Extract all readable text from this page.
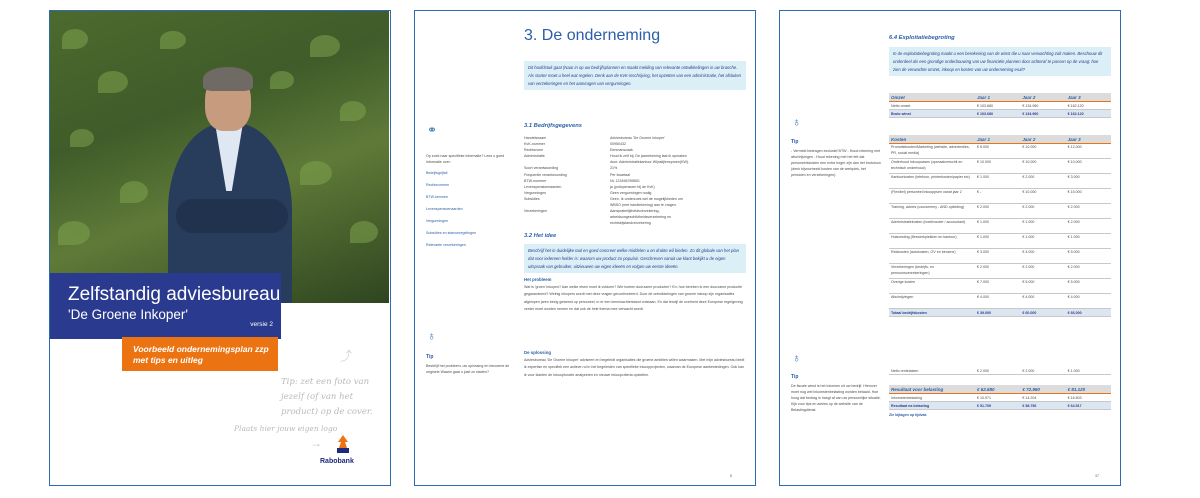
Zelfstandig adviesbureau
'De Groene Inkoper'
versie 2
Voorbeeld ondernemingsplan zzp met tips en uitleg
Tip: zet een foto van jezelf (of van het product) op de cover.
⤴
Plaats hier jouw eigen logo
→
Rabobank
⚭
Op zoek naar specifieke informatie? Lees u goed informatie over:
Bedrijfsgrijfall
Rechtsvormen
BTW-kenmen
Levenspensoenaarden
Vergunningen
Subsidies en stamonregelingen
Relevante verzekeringen
♁
Tip
Bestelijf het probleem, uw oplossing en benoeme de originele Waarin gaat u juist zo starten?
3. De onderneming
Dit hoofdstuk gaat (Naar in op uw bedrijfsplannen en maakt melding van relevante ontwikkelingen in uw branche. Als starter moet u heel wat regelen. Denk aan de KvK-inschrijving, het opzetten van een administratie, het afsluiten van verzekeringen en het aanvragen van vergunningen.
3.1 Bedrijfsgegevens
Handelsnaam	Adviesbureau 'De Groene Inkoper'
KvK-nummer	00950432
Rechtsvorm	Eenmanszaak
Administratie	Houd ik zelf bij. De jaarrekening laat ik opmaken
door: Administratiekantoor Wijnstijlensproen(KW).
Soort verantwoording	21%
Frequentie verantwoording	Per kwartaal
BTW-nummer	NL 123456789B01
Levenspensioenaarden	ja (pollopensoen bij de KvK)
Vergunningen	Geen vergunningen nodig
Subsidies	Geen. Ik onderzoek wel de mogelijkheden om
WBSO (met handtekening) aan te vragen.
Verzekeringen	Aansprakelijkheidsverzekering,
arbeidsongeschiktheidsverzekering en
rechtsbijstandverzekering
3.2 Het idee
Beschrijf het in duidelijke taal en goed concreet welke middelen u en drukte wil bieden. Zo dit globale van het plan dat voor iedereen helder is: waarom uw product zo populair. Geschreven vanuit uw klant bekijkt u de eigen uitspraak van gebruiker, uitzieuwen uw eigen ideeën en volgen uw eerste ideeën.
Het probleem
Wat is 'groen' inkopen? Aan welke eisen moet ik voldoen? Wie boeten duurzame producten? En: hoe bereken ik een duurzame productie gegarandeerd? Weinig inkopers wordt met deze vragen geconfronteerd. Door de ontwikkelingen van groene inkoop zijn organisaties afgelopen jaren bezig geweest op personeel, in er een kennisachterstand ontstaan. En dat terwijl de overheid deze Europese regelgeving verder moet worden nemen en dat ook de hele thema mee verwacht wordt.
De oplossing
Adviesbureau 'De Groene Inkoper' adviseert en begeleidt organisaties die groene ambities willen waarmaken. Met mijn adviesbureau biedt ik expertise en specifiek een actieve rol in het begeleiden van specifieke inkoopprojecten, waarvan de Europese aanbestedingen. Ook kan ik voor klanten de inkoopfunctie analyseren en nieuwe inkoopcriteria opstellen.
8
♁
Tip
- Vermeld bedragen exclusief BTW - Houd rekening met afschrijvingen - Houd rekening met het feit dat personeelskosten een extra hoger zijn dan het brutoloon (denk bijvoorbeeld kosten van de werkplek, het pensioen en verzekeringen).
♁
Tip
De fiscale winst is het inkomen uit uw bedrijf. Hierover moet nog wel inkomstenbelasting worden betaald. Hoe hoog dat bedrag is hangt af van uw persoonlijke situatie. Kijk voor tips en advies op de website van de Belastingdienst.
6.4 Exploitatiebegroting
In de exploitatiebegroting maakt u een berekening van de winst die u naar verwachting zult maken. Beschouw dit onderdeel als een grondige onderbouwing van uw financiële plannen door achteraf te passen op de vraag: hoe zien de verwachte omzet, inkoop en kosten van uw onderneming eruit?
Omzet	Jaar 1	Jaar 2	Jaar 3
Netto omzet	€ 103.680	€ 134.960	€ 162.120
Bruto winst	€ 103.680	€ 134.960	€ 162.120
Kosten	Jaar 1	Jaar 2	Jaar 3
Promotiekosten/Marketing (website, advertenties, PR, social media)	€ 8.000	€ 10.000	€ 12.000
Onderhoud inkoopcasen (opmaakverschil en technisch onderhoud)	€ 10.000	€ 10.000	€ 10.000
Kantoorkosten (telefoon, printerkosten/papier etc)	€ 1.000	€ 2.000	€ 3.000
(Flexibel) personeel inkooppsen vanaf jaar 2	€ -	€ 10.000	€ 15.000
Training, advies (coursemmy - AND opleiding)	€ 2.000	€ 2.000	€ 2.000
Administratiekosten (boekhouder / accountant)	€ 1.000	€ 1.000	€ 2.000
Huisvesting (flexwerkplekken en kantoor)	€ 1.000	€ 1.000	€ 1.000
Reiskosten (autokosten, OV en benzine)	€ 3.000	€ 4.000	€ 5.000
Verzekeringen (bedrijfs- en persoonsverzekeringen)	€ 2.000	€ 2.000	€ 2.000
Overige kosten	€ 7.000	€ 5.000	€ 5.000
Afschrijvingen	€ 4.000	€ 4.000	€ 4.000
Totaal bedrijfskosten	€ 39.000	€ 60.000	€ 66.000
Netto rentelasten	€ 2.000	€ 2.000	€ 1.000
Resultaat voor belasting	€ 62.680	€ 72.960	€ 81.120
Inkomstenbelasting	€ 10.971	€ 14.204	€ 16.603
Resultaat na belasting	€ 51.709	€ 58.756	€ 64.517
Zie bijlagen op tijdvak
37
